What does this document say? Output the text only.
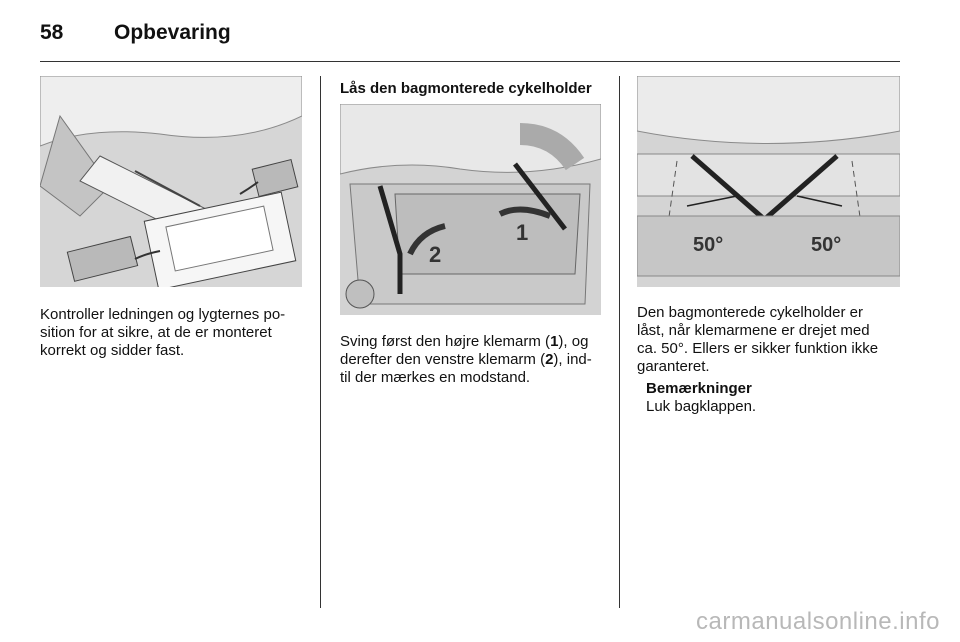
58	Opbevaring

Kontroller ledningen og lygternes po-
sition for at sikre, at de er monteret
korrekt og sidder fast.

Lås den bagmonterede cykelholder

1
2

Sving først den højre klemarm (1), og
derefter den venstre klemarm (2), ind-
til der mærkes en modstand.

50°	50°

Den bagmonterede cykelholder er
låst, når klemarmene er drejet med
ca. 50°. Ellers er sikker funktion ikke
garanteret.

Bemærkninger

Luk bagklappen.

carmanualsonline.info
